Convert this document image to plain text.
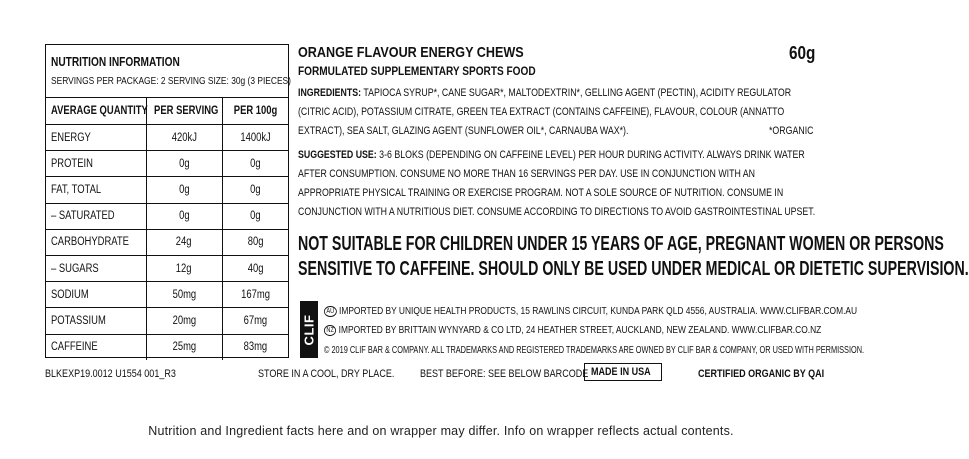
NUTRITION INFORMATION
SERVINGS PER PACKAGE: 2 SERVING SIZE: 30g (3 PIECES)
AVERAGE QUANTITY	PER SERVING	PER 100g
ENERGY	420kJ	1400kJ
PROTEIN	0g	0g
FAT, TOTAL	0g	0g
– SATURATED	0g	0g
CARBOHYDRATE	24g	80g
– SUGARS	12g	40g
SODIUM	50mg	167mg
POTASSIUM	20mg	67mg
CAFFEINE	25mg	83mg
ORANGE FLAVOUR ENERGY CHEWS	60g
FORMULATED SUPPLEMENTARY SPORTS FOOD
INGREDIENTS: TAPIOCA SYRUP*, CANE SUGAR*, MALTODEXTRIN*, GELLING AGENT (PECTIN), ACIDITY REGULATOR
(CITRIC ACID), POTASSIUM CITRATE, GREEN TEA EXTRACT (CONTAINS CAFFEINE), FLAVOUR, COLOUR (ANNATTO
EXTRACT), SEA SALT, GLAZING AGENT (SUNFLOWER OIL*, CARNAUBA WAX*).	*ORGANIC
SUGGESTED USE: 3-6 BLOKS (DEPENDING ON CAFFEINE LEVEL) PER HOUR DURING ACTIVITY. ALWAYS DRINK WATER
AFTER CONSUMPTION. CONSUME NO MORE THAN 16 SERVINGS PER DAY. USE IN CONJUNCTION WITH AN
APPROPRIATE PHYSICAL TRAINING OR EXERCISE PROGRAM. NOT A SOLE SOURCE OF NUTRITION. CONSUME IN
CONJUNCTION WITH A NUTRITIOUS DIET. CONSUME ACCORDING TO DIRECTIONS TO AVOID GASTROINTESTINAL UPSET.
NOT SUITABLE FOR CHILDREN UNDER 15 YEARS OF AGE, PREGNANT WOMEN OR PERSONS
SENSITIVE TO CAFFEINE. SHOULD ONLY BE USED UNDER MEDICAL OR DIETETIC SUPERVISION.
CLIF
AU IMPORTED BY UNIQUE HEALTH PRODUCTS, 15 RAWLINS CIRCUIT, KUNDA PARK QLD 4556, AUSTRALIA. WWW.CLIFBAR.COM.AU
NZ IMPORTED BY BRITTAIN WYNYARD & CO LTD, 24 HEATHER STREET, AUCKLAND, NEW ZEALAND. WWW.CLIFBAR.CO.NZ
© 2019 CLIF BAR & COMPANY. ALL TRADEMARKS AND REGISTERED TRADEMARKS ARE OWNED BY CLIF BAR & COMPANY, OR USED WITH PERMISSION.
BLKEXP19.0012 U1554 001_R3	STORE IN A COOL, DRY PLACE. BEST BEFORE: SEE BELOW BARCODE MADE IN USA	CERTIFIED ORGANIC BY QAI
Nutrition and Ingredient facts here and on wrapper may differ. Info on wrapper reflects actual contents.
